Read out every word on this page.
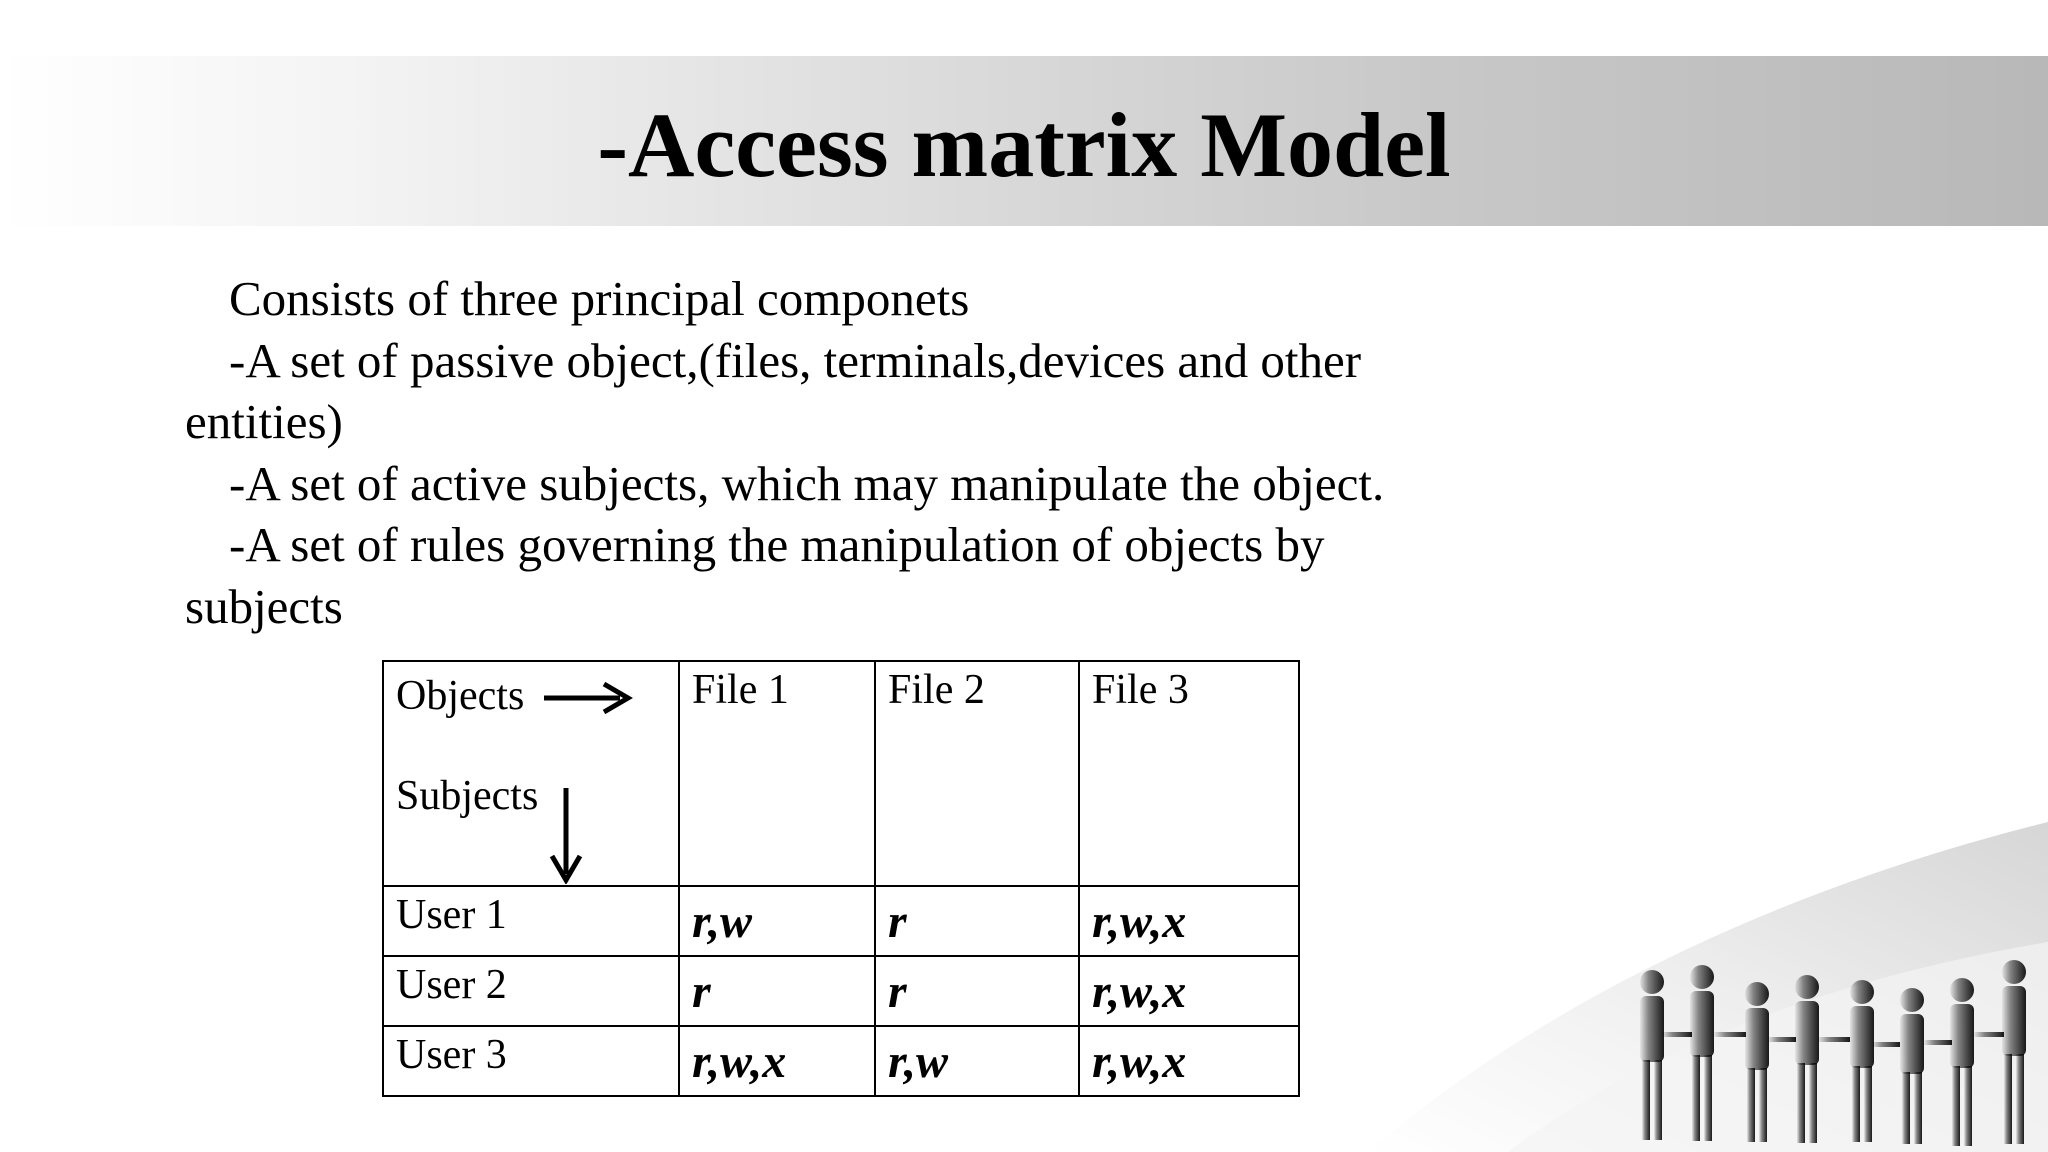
-Access matrix Model
Consists of three principal componets
-A set of passive object,(files, terminals,devices and other
entities)
-A set of active subjects, which may manipulate the object.
-A set of rules governing the manipulation of objects by
subjects
Objects
Subjects	File 1	File 2	File 3
User 1	r,w	r	r,w,x

User 2	r	r	r,w,x

User 3	r,w,x	r,w	r,w,x
